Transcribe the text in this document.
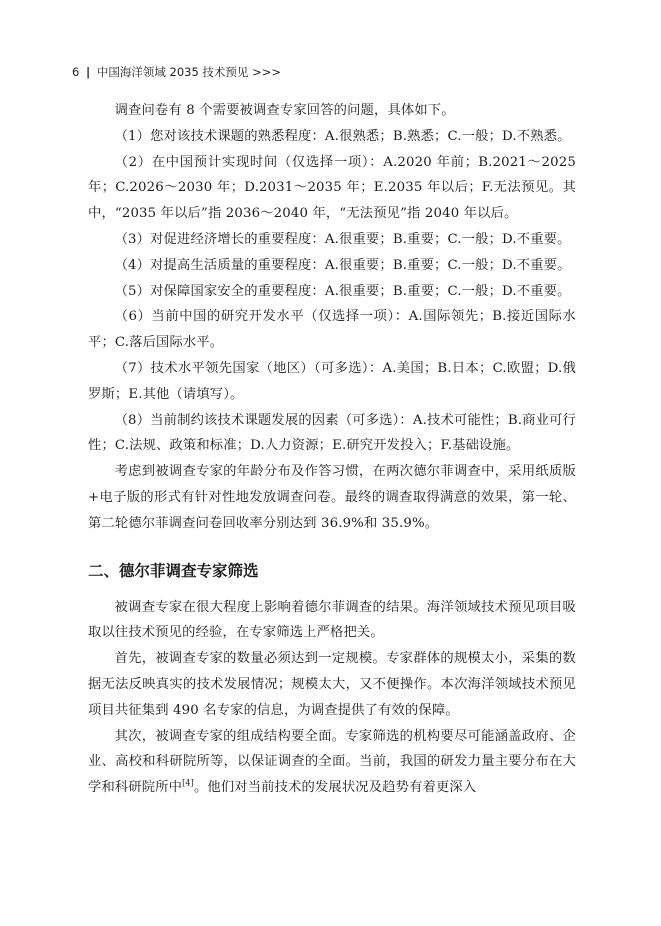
6 | 中国海洋领域 2035 技术预见 >>>

调查问卷有 8 个需要被调查专家回答的问题，具体如下。

（1）您对该技术课题的熟悉程度：A.很熟悉；B.熟悉；C.一般；D.不熟悉。

（2）在中国预计实现时间（仅选择一项）：A.2020 年前；B.2021～2025 年；C.2026～2030 年；D.2031～2035 年；E.2035 年以后；F.无法预见。其中，“2035 年以后”指 2036～2040 年，“无法预见”指 2040 年以后。

（3）对促进经济增长的重要程度：A.很重要；B.重要；C.一般；D.不重要。

（4）对提高生活质量的重要程度：A.很重要；B.重要；C.一般；D.不重要。

（5）对保障国家安全的重要程度：A.很重要；B.重要；C.一般；D.不重要。

（6）当前中国的研究开发水平（仅选择一项）：A.国际领先；B.接近国际水平；C.落后国际水平。

（7）技术水平领先国家（地区）（可多选）：A.美国；B.日本；C.欧盟；D.俄罗斯；E.其他（请填写）。

（8）当前制约该技术课题发展的因素（可多选）：A.技术可能性；B.商业可行性；C.法规、政策和标准；D.人力资源；E.研究开发投入；F.基础设施。

考虑到被调查专家的年龄分布及作答习惯，在两次德尔菲调查中，采用纸质版+电子版的形式有针对性地发放调查问卷。最终的调查取得满意的效果，第一轮、第二轮德尔菲调查问卷回收率分别达到 36.9%和 35.9%。

二、德尔菲调查专家筛选

被调查专家在很大程度上影响着德尔菲调查的结果。海洋领域技术预见项目吸取以往技术预见的经验，在专家筛选上严格把关。

首先，被调查专家的数量必须达到一定规模。专家群体的规模太小，采集的数据无法反映真实的技术发展情况；规模太大，又不便操作。本次海洋领域技术预见项目共征集到 490 名专家的信息，为调查提供了有效的保障。

其次，被调查专家的组成结构要全面。专家筛选的机构要尽可能涵盖政府、企业、高校和科研院所等，以保证调查的全面。当前，我国的研发力量主要分布在大学和科研院所中[4]。他们对当前技术的发展状况及趋势有着更深入
